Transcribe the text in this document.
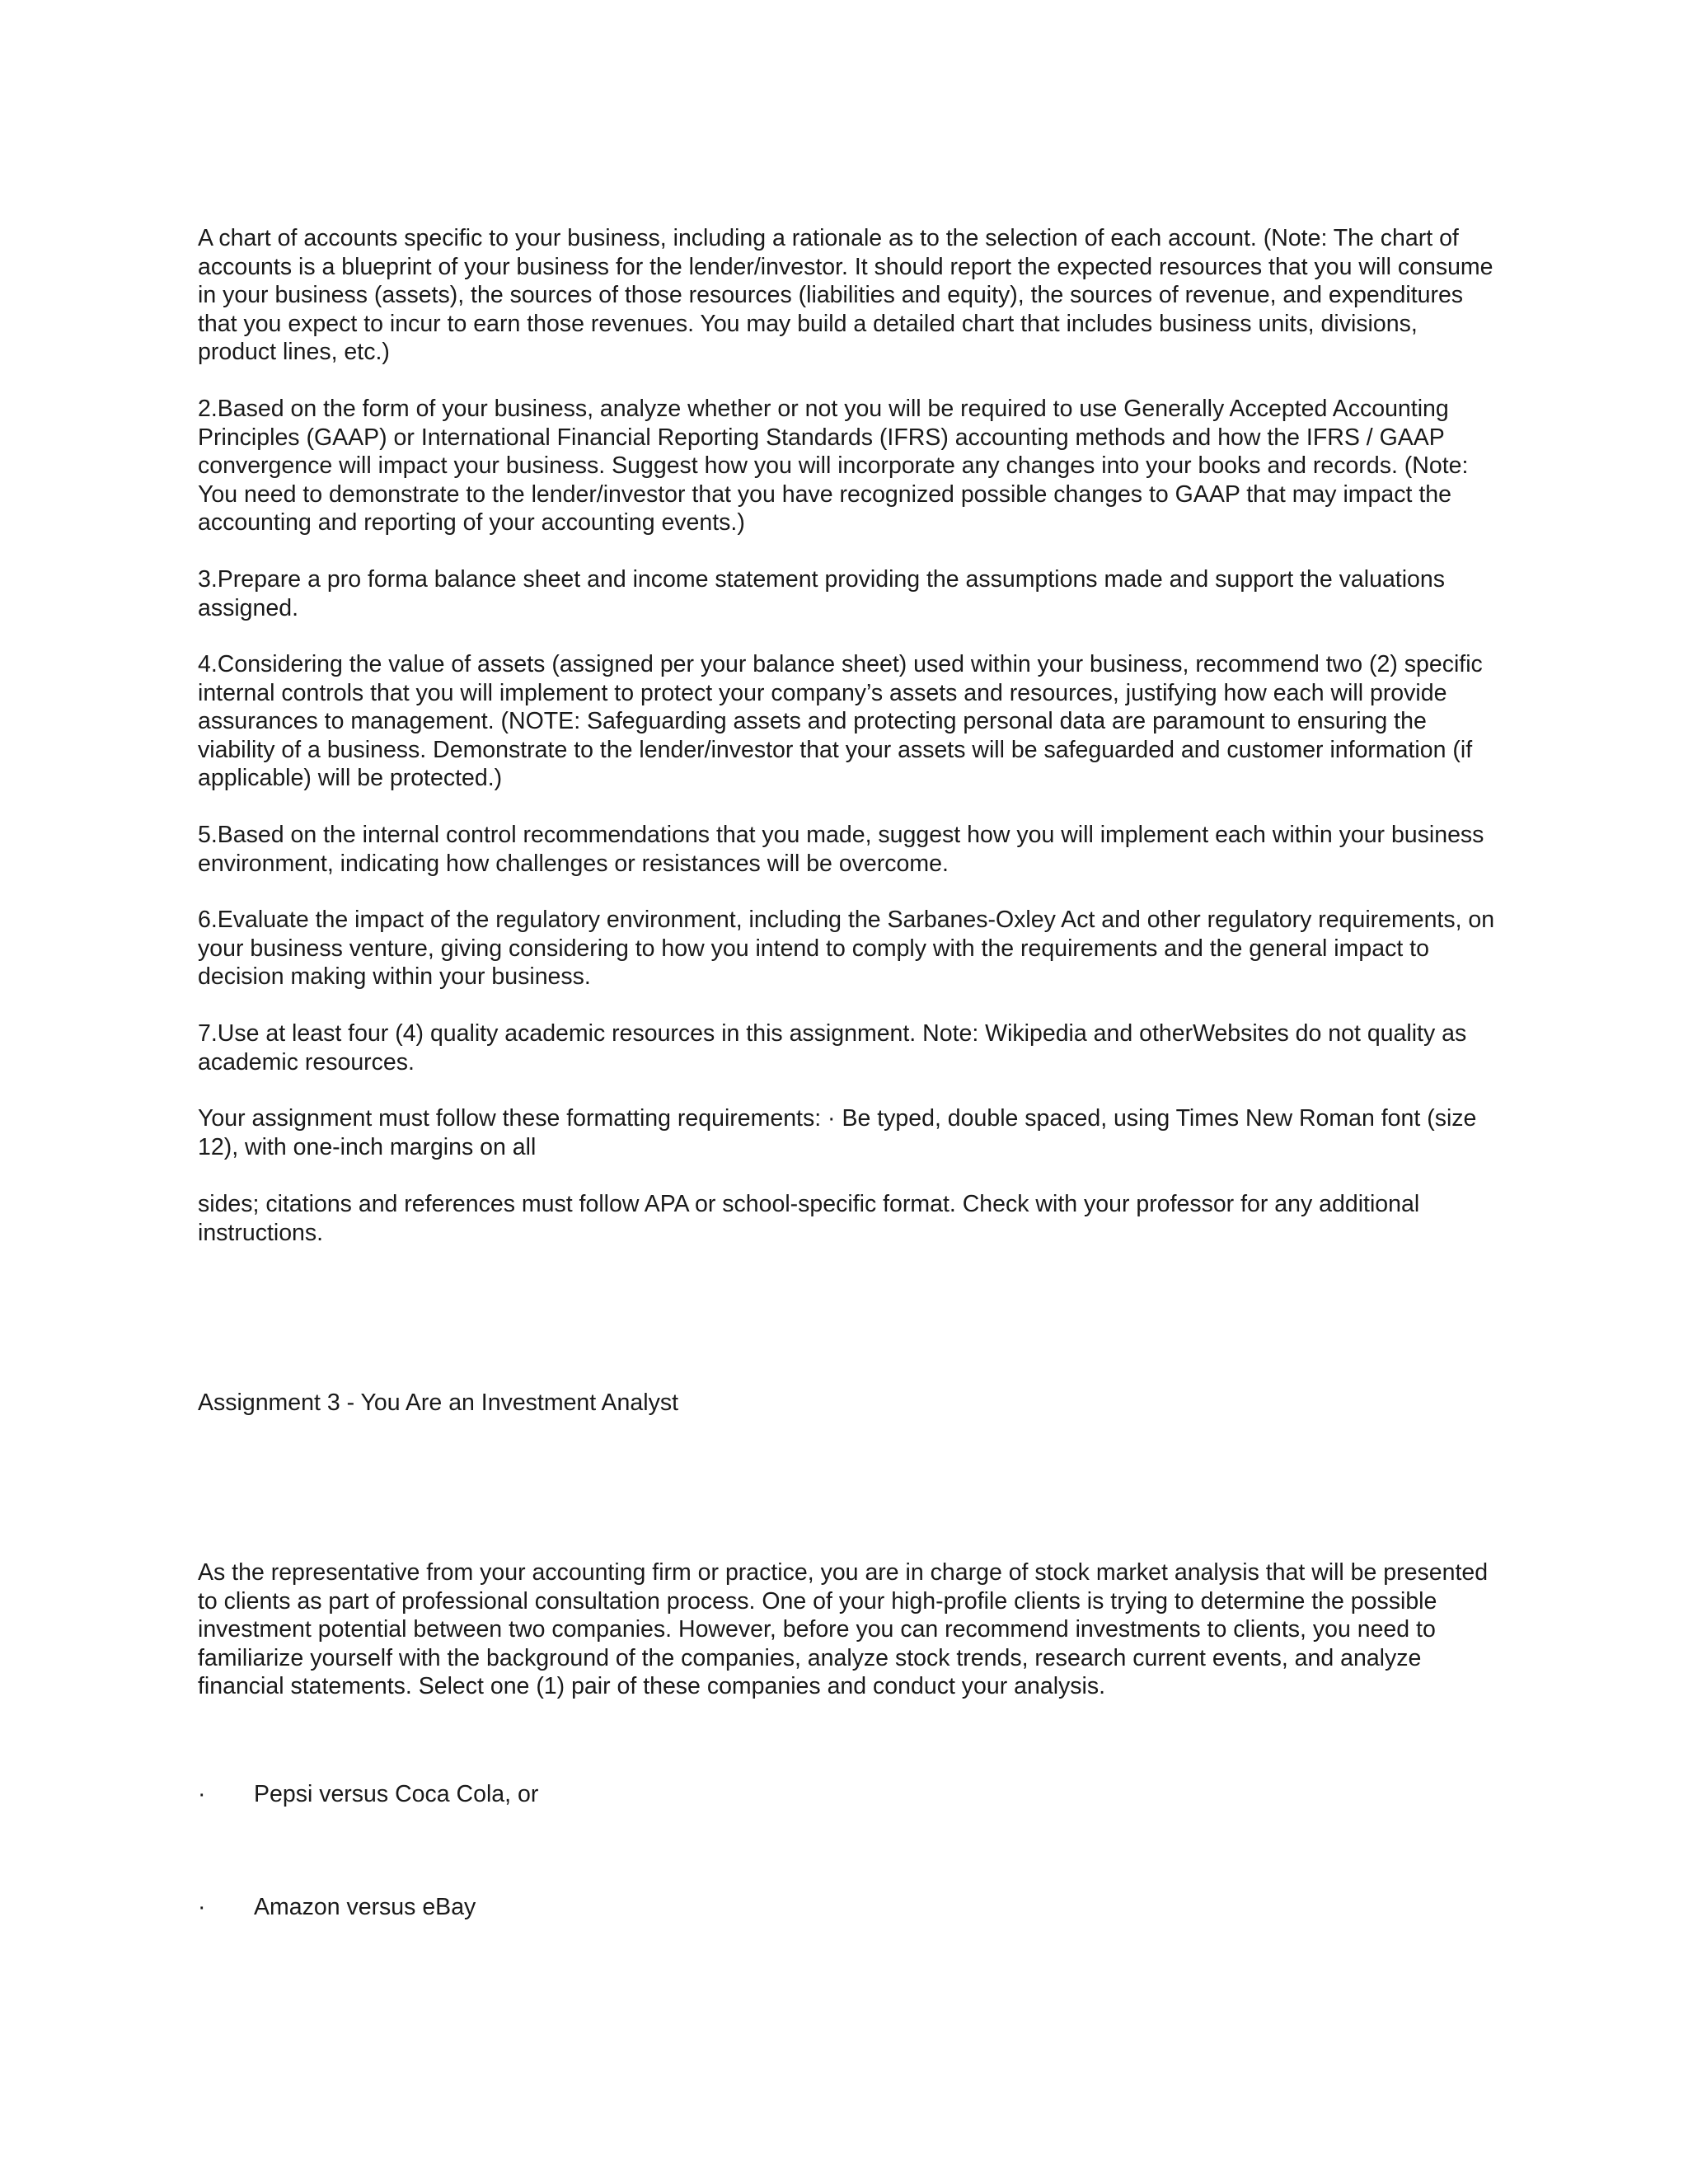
A chart of accounts specific to your business, including a rationale as to the selection of each account. (Note: The chart of accounts is a blueprint of your business for the lender/investor. It should report the expected resources that you will consume in your business (assets), the sources of those resources (liabilities and equity), the sources of revenue, and expenditures that you expect to incur to earn those revenues. You may build a detailed chart that includes business units, divisions, product lines, etc.)

2.Based on the form of your business, analyze whether or not you will be required to use Generally Accepted Accounting Principles (GAAP) or International Financial Reporting Standards (IFRS) accounting methods and how the IFRS / GAAP convergence will impact your business. Suggest how you will incorporate any changes into your books and records. (Note: You need to demonstrate to the lender/investor that you have recognized possible changes to GAAP that may impact the accounting and reporting of your accounting events.)

3.Prepare a pro forma balance sheet and income statement providing the assumptions made and support the valuations assigned.

4.Considering the value of assets (assigned per your balance sheet) used within your business, recommend two (2) specific internal controls that you will implement to protect your company’s assets and resources, justifying how each will provide assurances to management. (NOTE: Safeguarding assets and protecting personal data are paramount to ensuring the viability of a business. Demonstrate to the lender/investor that your assets will be safeguarded and customer information (if applicable) will be protected.)

5.Based on the internal control recommendations that you made, suggest how you will implement each within your business environment, indicating how challenges or resistances will be overcome.

6.Evaluate the impact of the regulatory environment, including the Sarbanes-Oxley Act and other regulatory requirements, on your business venture, giving considering to how you intend to comply with the requirements and the general impact to decision making within your business.

7.Use at least four (4) quality academic resources in this assignment. Note: Wikipedia and otherWebsites do not quality as academic resources.

Your assignment must follow these formatting requirements: · Be typed, double spaced, using Times New Roman font (size 12), with one-inch margins on all

sides; citations and references must follow APA or school-specific format. Check with your professor for any additional instructions.

Assignment 3 - You Are an Investment Analyst

As the representative from your accounting firm or practice, you are in charge of stock market analysis that will be presented to clients as part of professional consultation process. One of your high-profile clients is trying to determine the possible investment potential between two companies. However, before you can recommend investments to clients, you need to familiarize yourself with the background of the companies, analyze stock trends, research current events, and analyze financial statements. Select one (1) pair of these companies and conduct your analysis.

· Pepsi versus Coca Cola, or
· Amazon versus eBay
